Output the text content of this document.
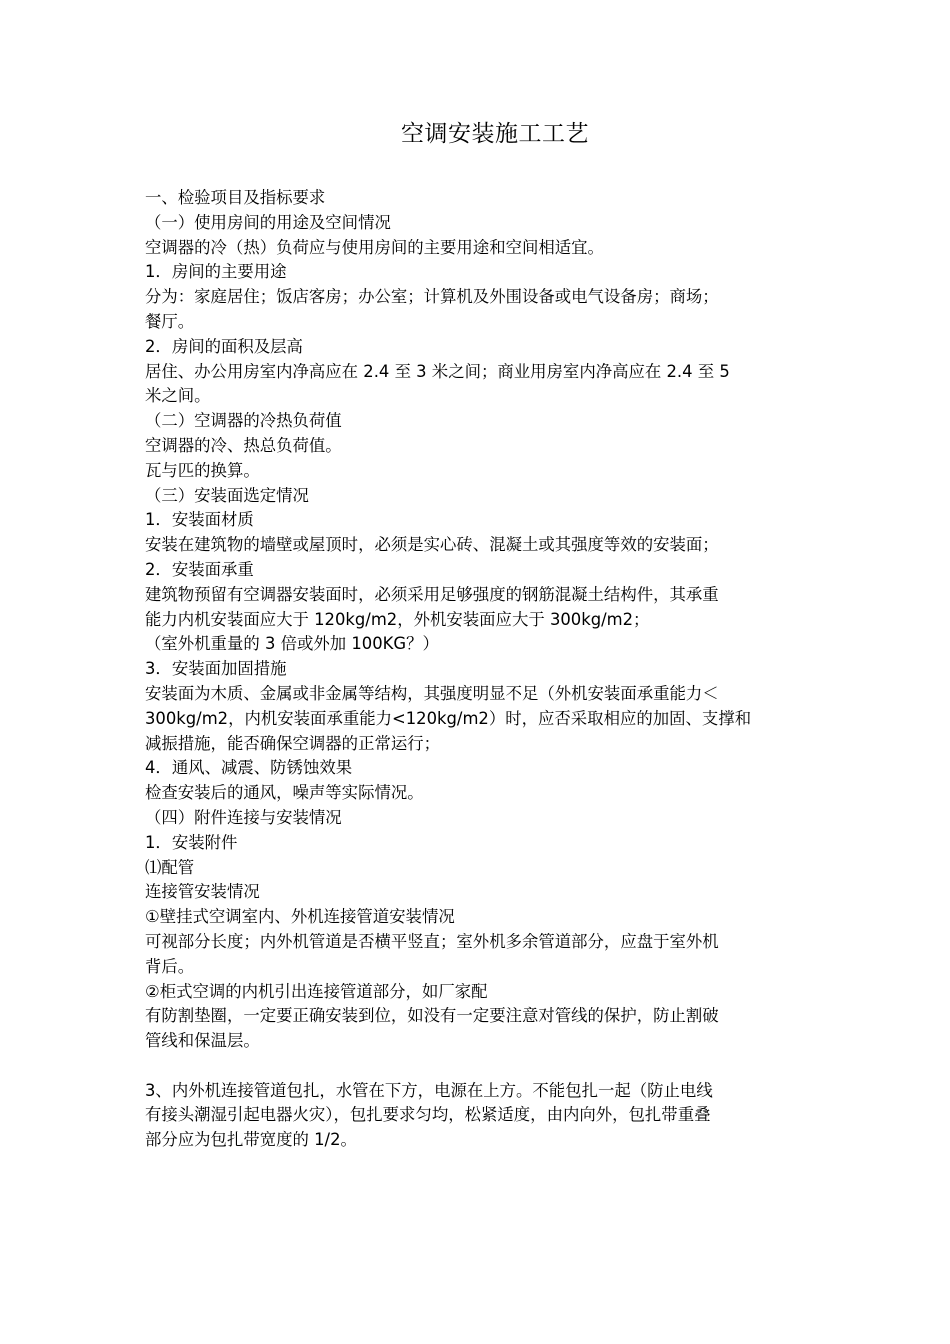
空调安装施工工艺
一、检验项目及指标要求
（一）使用房间的用途及空间情况
空调器的冷（热）负荷应与使用房间的主要用途和空间相适宜。
1．房间的主要用途
分为：家庭居住；饭店客房；办公室；计算机及外围设备或电气设备房；商场；
餐厅。
2．房间的面积及层高
居住、办公用房室内净高应在 2.4 至 3 米之间；商业用房室内净高应在 2.4 至 5
米之间。
（二）空调器的冷热负荷值
空调器的冷、热总负荷值。
瓦与匹的换算。
（三）安装面选定情况
1．安装面材质
安装在建筑物的墙壁或屋顶时，必须是实心砖、混凝土或其强度等效的安装面；
2．安装面承重
建筑物预留有空调器安装面时，必须采用足够强度的钢筋混凝土结构件，其承重
能力内机安装面应大于 120kg/m2，外机安装面应大于 300kg/m2；
（室外机重量的 3 倍或外加 100KG？）
3．安装面加固措施
安装面为木质、金属或非金属等结构，其强度明显不足（外机安装面承重能力＜
300kg/m2，内机安装面承重能力<120kg/m2）时，应否采取相应的加固、支撑和
减振措施，能否确保空调器的正常运行；
4．通风、减震、防锈蚀效果
检查安装后的通风，噪声等实际情况。
（四）附件连接与安装情况
1．安装附件
⑴配管
连接管安装情况
①壁挂式空调室内、外机连接管道安装情况
可视部分长度；内外机管道是否横平竖直；室外机多余管道部分，应盘于室外机
背后。
②柜式空调的内机引出连接管道部分，如厂家配
有防割垫圈，一定要正确安装到位，如没有一定要注意对管线的保护，防止割破
管线和保温层。
3、内外机连接管道包扎，水管在下方，电源在上方。不能包扎一起（防止电线
有接头潮湿引起电器火灾），包扎要求匀均，松紧适度，由内向外，包扎带重叠
部分应为包扎带宽度的 1/2。
